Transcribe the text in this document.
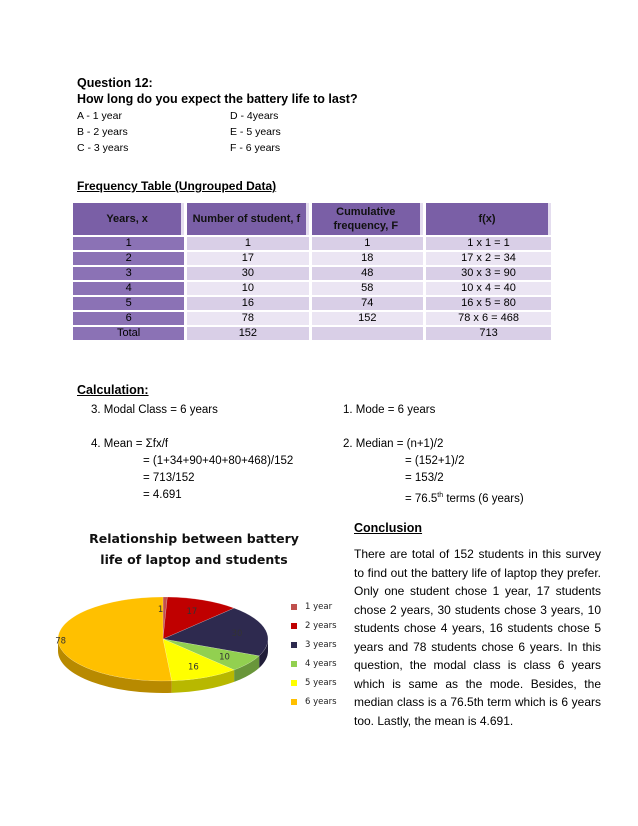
Question 12:
How long do you expect the battery life to last?
A - 1 year	D - 4years
B - 2 years	E - 5 years
C - 3 years	F - 6 years
Frequency Table (Ungrouped Data)
Years, x	Number of student, f	Cumulative frequency, F	f(x)
1	1	1	1 x 1 = 1
2	17	18	17 x 2 = 34
3	30	48	30 x 3 = 90
4	10	58	10 x 4 = 40
5	16	74	16 x 5 = 80
6	78	152	78 x 6 = 468
Total	152		713
Calculation:
3. Modal Class = 6 years
4. Mean = Σfx/f
= (1+34+90+40+80+468)/152
= 713/152
= 4.691
1. Mode = 6 years
2. Median = (n+1)/2
= (152+1)/2
= 153/2
= 76.5th terms (6 years)
Relationship between battery life of laptop and students
1	17
30
10
16
78
1 year
2 years
3 years
4 years
5 years
6 years
Conclusion
There are total of 152 students in this survey to find out the battery life of laptop they prefer. Only one student chose 1 year, 17 students chose 2 years, 30 students chose 3 years, 10 students chose 4 years, 16 students chose 5 years and 78 students chose 6 years. In this question, the modal class is class 6 years which is same as the mode. Besides, the median class is a 76.5th term which is 6 years too. Lastly, the mean is 4.691.
